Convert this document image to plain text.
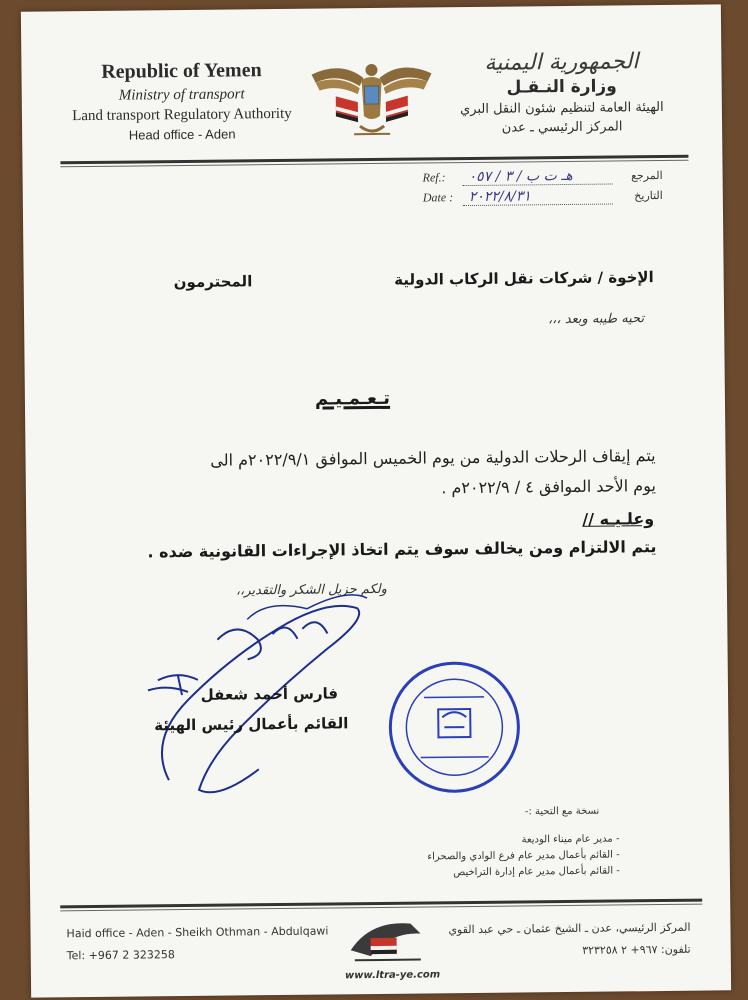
Republic of Yemen
Ministry of transport
Land transport Regulatory Authority
Head office - Aden
الجمهورية اليمنية
وزارة النـقـل
الهيئة العامة لتنظيم شئون النقل البري
المركز الرئيسي ـ عدن
Ref.:	هـ ت ب / ٣ / ٠٥٧	المرجع
Date :	٢٠٢٢/٨/٣١	التاريخ
الإخوة / شركات نقل الركاب الدولية
المحترمون
تحيه طيبه وبعد ،،،
تـعـمـيـم
يتم إيقاف الرحلات الدولية من يوم الخميس الموافق ٢٠٢٢/٩/١م الى
يوم الأحد الموافق ٤ / ٢٠٢٢/٩م .
وعلـيـه //
يتم الالتزام ومن يخالف سوف يتم اتخاذ الإجراءات القانونية ضده .
ولكم جزيل الشكر والتقدير،،
فارس أحمد شعفل
القائم بأعمال رئيس الهيئة
نسخة مع التحية :-
- مدير عام ميناء الوديعة
- القائم بأعمال مدير عام فرع الوادي والصحراء
- القائم بأعمال مدير عام إدارة التراخيص
Haid office - Aden - Sheikh Othman - Abdulqawi
Tel: +967 2 323258
www.ltra-ye.com
المركز الرئيسي، عدن ـ الشيخ عثمان ـ حي عبد القوي
تلفون: ٩٦٧+ ٢ ٣٢٣٢٥٨
